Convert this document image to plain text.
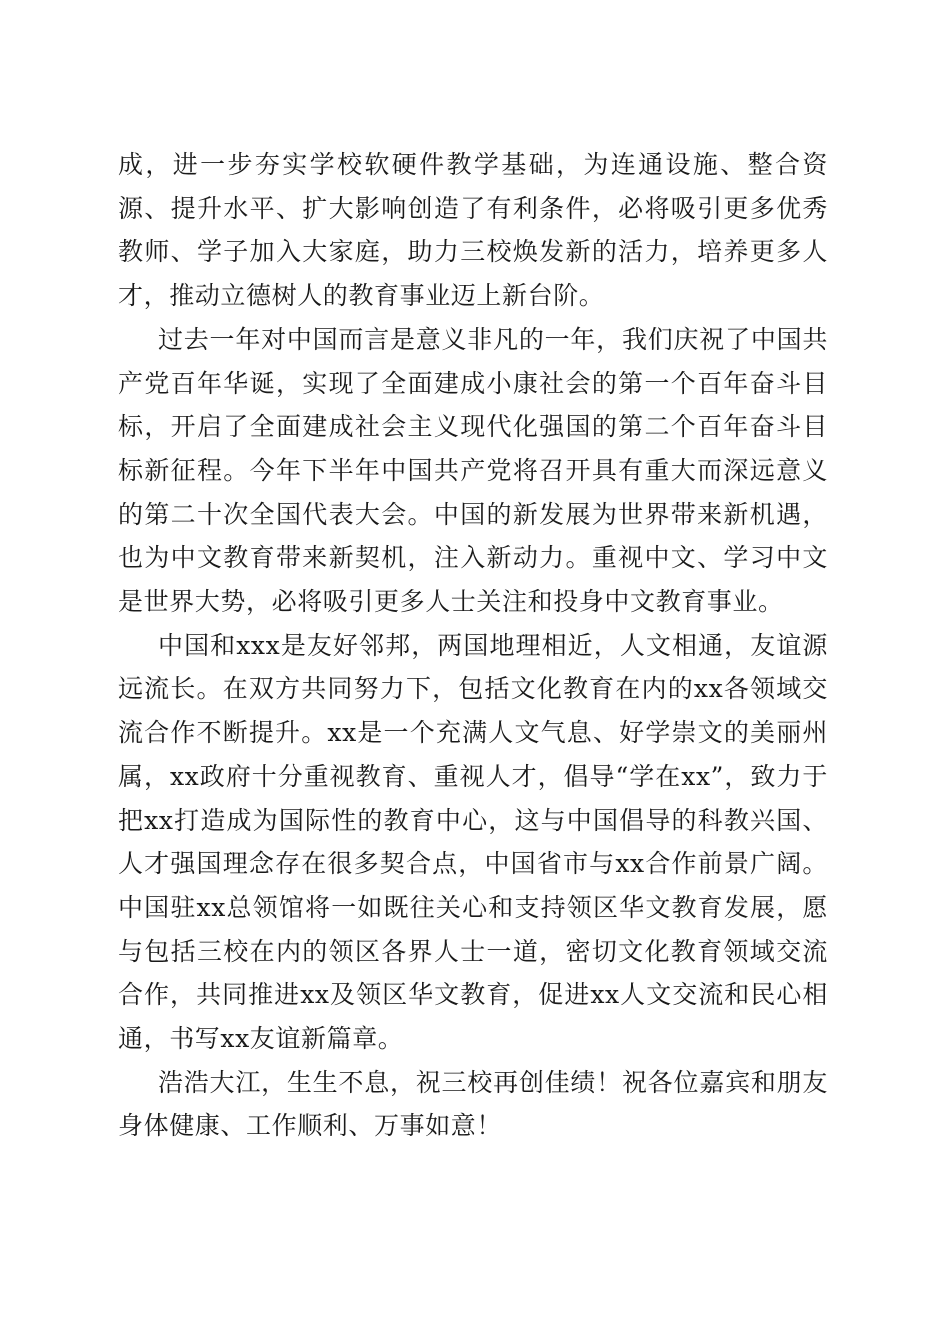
成，进一步夯实学校软硬件教学基础，为连通设施、整合资源、提升水平、扩大影响创造了有利条件，必将吸引更多优秀教师、学子加入大家庭，助力三校焕发新的活力，培养更多人才，推动立德树人的教育事业迈上新台阶。

过去一年对中国而言是意义非凡的一年，我们庆祝了中国共产党百年华诞，实现了全面建成小康社会的第一个百年奋斗目标，开启了全面建成社会主义现代化强国的第二个百年奋斗目标新征程。今年下半年中国共产党将召开具有重大而深远意义的第二十次全国代表大会。中国的新发展为世界带来新机遇，也为中文教育带来新契机，注入新动力。重视中文、学习中文是世界大势，必将吸引更多人士关注和投身中文教育事业。

中国和xxx是友好邻邦，两国地理相近，人文相通，友谊源远流长。在双方共同努力下，包括文化教育在内的xx各领域交流合作不断提升。xx是一个充满人文气息、好学崇文的美丽州属，xx政府十分重视教育、重视人才，倡导“学在xx”，致力于把xx打造成为国际性的教育中心，这与中国倡导的科教兴国、人才强国理念存在很多契合点，中国省市与xx合作前景广阔。中国驻xx总领馆将一如既往关心和支持领区华文教育发展，愿与包括三校在内的领区各界人士一道，密切文化教育领域交流合作，共同推进xx及领区华文教育，促进xx人文交流和民心相通，书写xx友谊新篇章。

浩浩大江，生生不息，祝三校再创佳绩！祝各位嘉宾和朋友身体健康、工作顺利、万事如意！
